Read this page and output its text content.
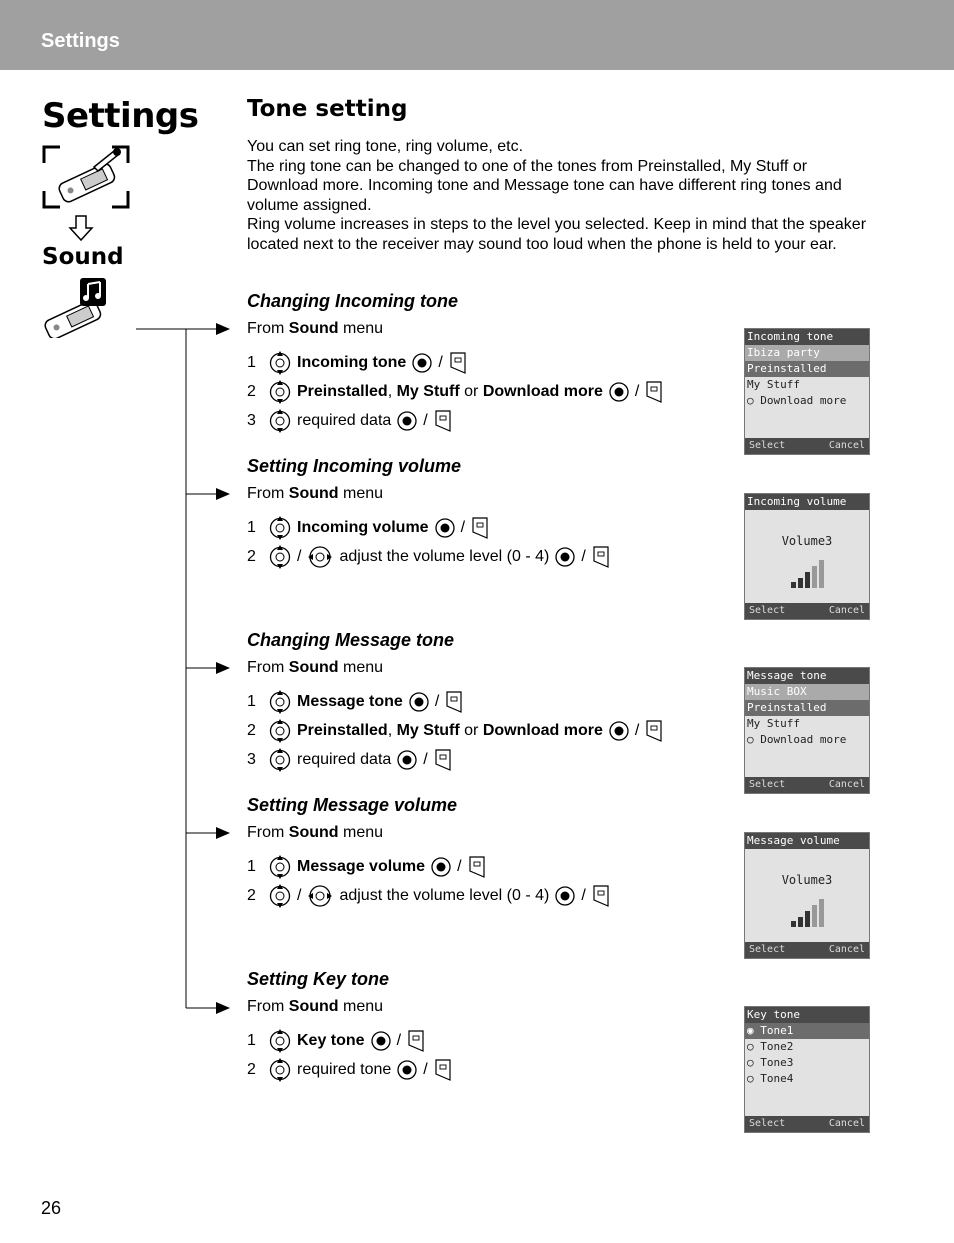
Settings
Settings
Sound
Tone setting

You can set ring tone, ring volume, etc.

The ring tone can be changed to one of the tones from Preinstalled, My Stuff or Download more. Incoming tone and Message tone can have different ring tones and volume assigned.

Ring volume increases in steps to the level you selected. Keep in mind that the speaker located next to the receiver may sound too loud when the phone is held to your ear.

Changing Incoming tone
From Sound menu
1	Incoming tone /
2	Preinstalled , My Stuff
or
Download more /
3	required data /
Setting Incoming volume
From Sound menu
1	Incoming volume /
2	/ adjust the volume level (0 - 4) /
Changing Message tone
From Sound menu
1	Message tone /
2	Preinstalled , My Stuff
or
Download more /
3	required data /
Setting Message volume
From Sound menu
1	Message volume /
2	/ adjust the volume level (0 - 4) /
Setting Key tone
From Sound menu
1	Key tone /
2	required tone /
Incoming tone
Ibiza party
Preinstalled
My Stuff
○ Download more
Select	Cancel
Incoming volume
Volume3
Select	Cancel
Message tone
Music BOX
Preinstalled
My Stuff
○ Download more
Select	Cancel
Message volume
Volume3
Select	Cancel
Key tone
◉ Tone1
○ Tone2
○ Tone3
○ Tone4
Select	Cancel
26
